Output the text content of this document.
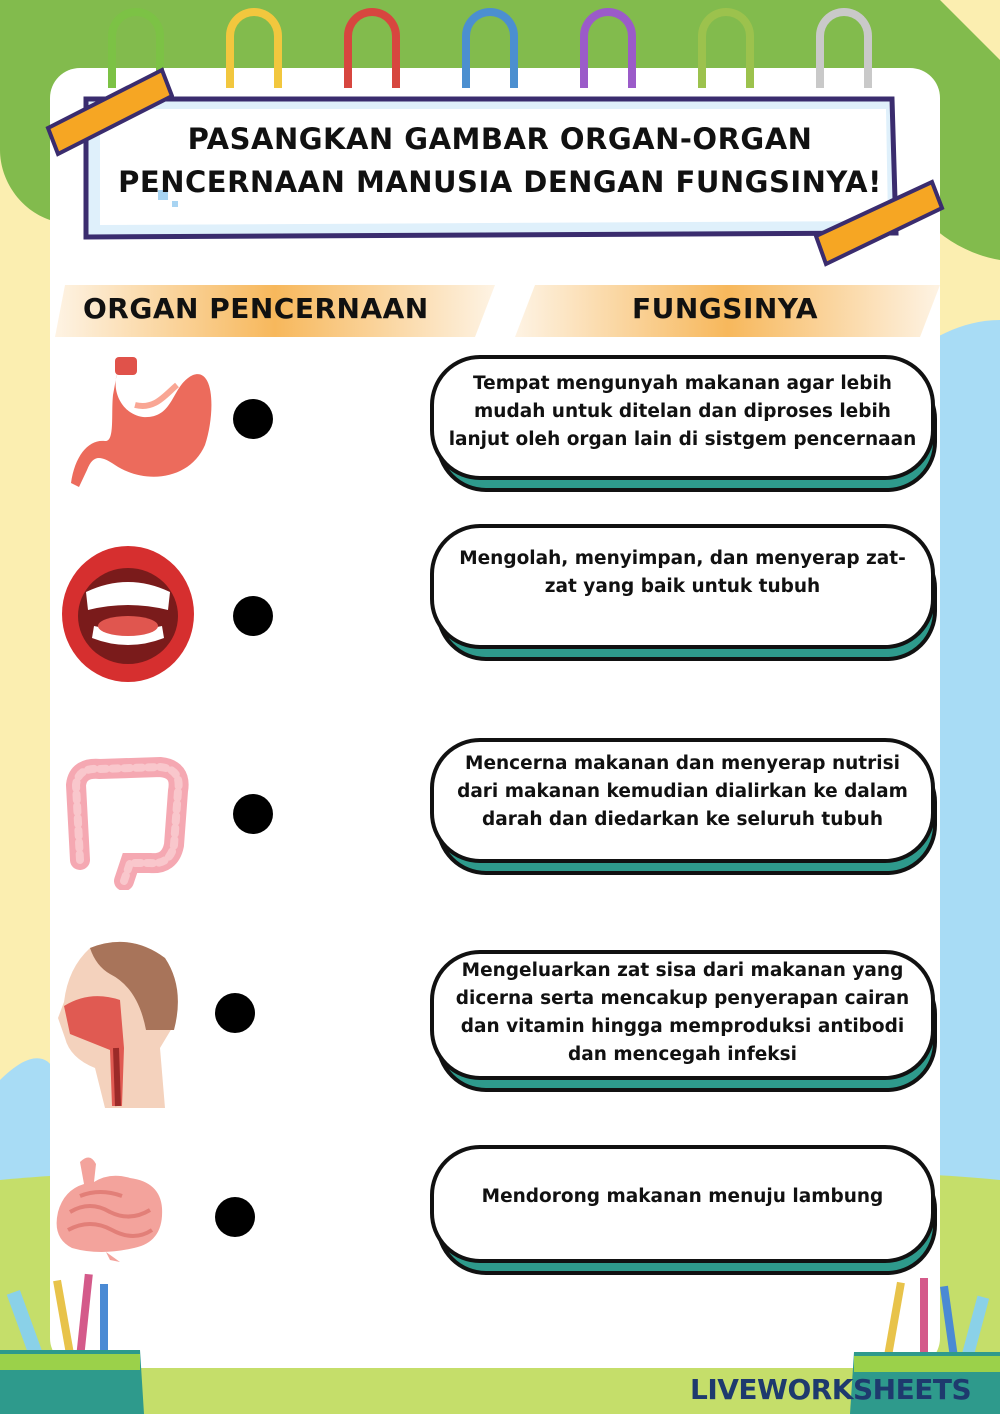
PASANGKAN GAMBAR ORGAN-ORGAN
PENCERNAAN MANUSIA DENGAN FUNGSINYA!
ORGAN PENCERNAAN	FUNGSINYA
Tempat mengunyah makanan agar lebih mudah untuk ditelan dan diproses lebih lanjut oleh organ lain di sistgem pencernaan
Mengolah, menyimpan, dan menyerap zat-zat yang baik untuk tubuh
Mencerna makanan dan menyerap nutrisi dari makanan kemudian dialirkan ke dalam darah dan diedarkan ke seluruh tubuh
Mengeluarkan zat sisa dari makanan yang dicerna serta mencakup penyerapan cairan dan vitamin hingga memproduksi antibodi dan mencegah infeksi
Mendorong makanan menuju lambung
LIVEWORKSHEETS
